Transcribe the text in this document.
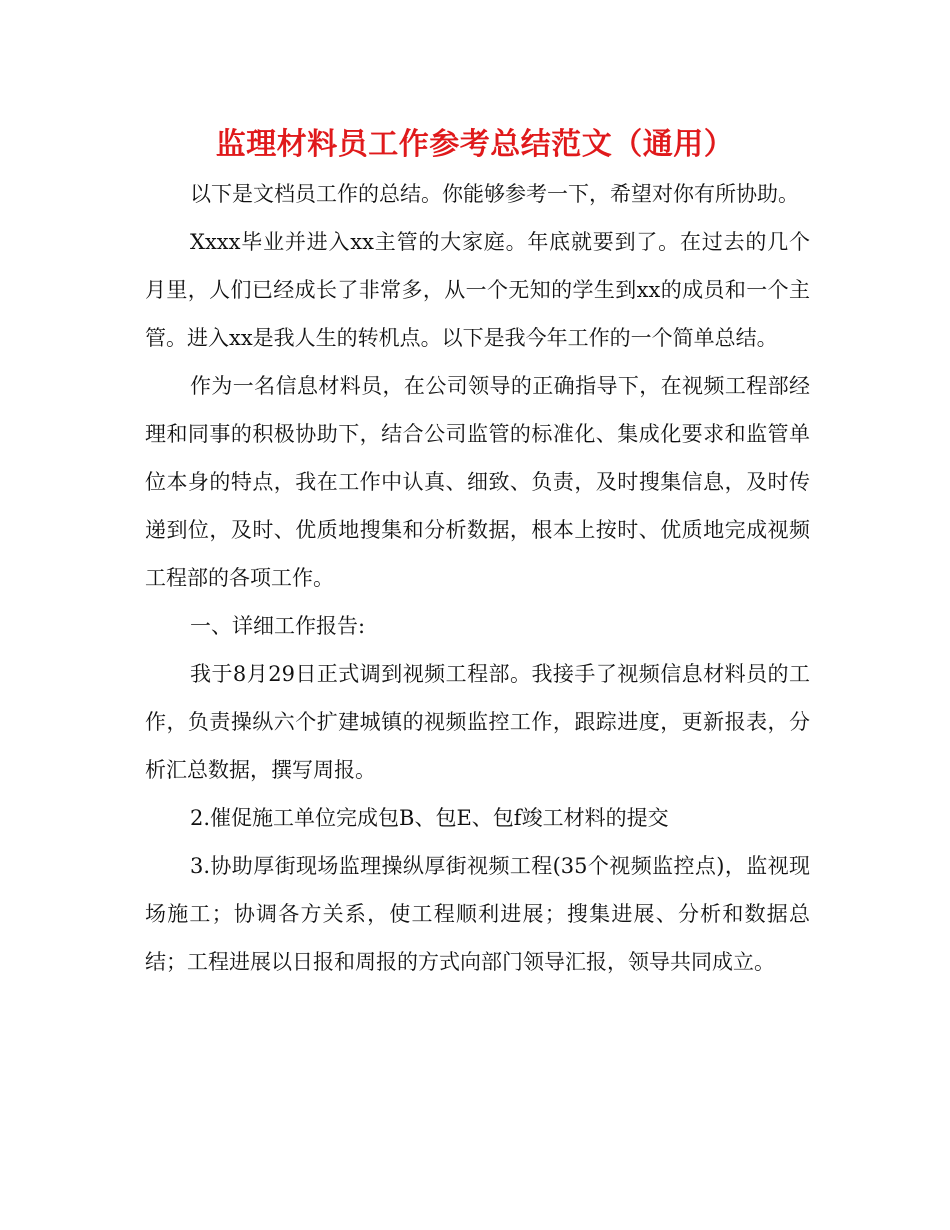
监理材料员工作参考总结范文（通用）

以下是文档员工作的总结。你能够参考一下，希望对你有所协助。

Xxxx毕业并进入xx主管的大家庭。年底就要到了。在过去的几个月里，人们已经成长了非常多，从一个无知的学生到xx的成员和一个主管。进入xx是我人生的转机点。以下是我今年工作的一个简单总结。

作为一名信息材料员，在公司领导的正确指导下，在视频工程部经理和同事的积极协助下，结合公司监管的标准化、集成化要求和监管单位本身的特点，我在工作中认真、细致、负责，及时搜集信息，及时传递到位，及时、优质地搜集和分析数据，根本上按时、优质地完成视频工程部的各项工作。

一、详细工作报告:

我于8月29日正式调到视频工程部。我接手了视频信息材料员的工作，负责操纵六个扩建城镇的视频监控工作，跟踪进度，更新报表，分析汇总数据，撰写周报。

2.催促施工单位完成包B、包E、包f竣工材料的提交

3.协助厚街现场监理操纵厚街视频工程(35个视频监控点)，监视现场施工；协调各方关系，使工程顺利进展；搜集进展、分析和数据总结；工程进展以日报和周报的方式向部门领导汇报，领导共同成立。
